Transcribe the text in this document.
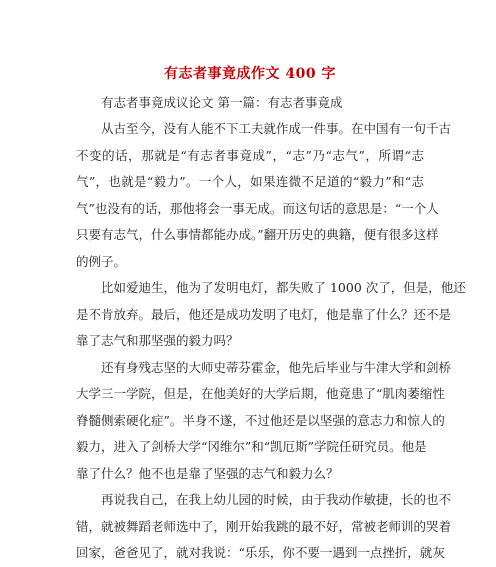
有志者事竟成作文 400 字

有志者事竟成议论文 第一篇：有志者事竟成

从古至今，没有人能不下工夫就作成一件事。在中国有一句千古
不变的话，那就是“有志者事竟成”，“志”乃“志气”，所谓“志
气”，也就是“毅力”。一个人，如果连微不足道的“毅力”和“志
气”也没有的话，那他将会一事无成。而这句话的意思是：“一个人
只要有志气，什么事情都能办成。”翻开历史的典籍，便有很多这样
的例子。
比如爱迪生，他为了发明电灯，都失败了 1000 次了，但是，他还
是不肯放弃。最后，他还是成功发明了电灯，他是靠了什么？还不是
靠了志气和那坚强的毅力吗？
还有身残志坚的大师史蒂芬霍金，他先后毕业与牛津大学和剑桥
大学三一学院，但是，在他美好的大学后期，他竟患了“肌肉萎缩性
脊髓侧索硬化症”。半身不遂，不过他还是以坚强的意志力和惊人的
毅力，进入了剑桥大学“冈维尔”和“凯厄斯”学院任研究员。他是
靠了什么？他不也是靠了坚强的志气和毅力么？
再说我自己，在我上幼儿园的时候，由于我动作敏捷，长的也不
错，就被舞蹈老师选中了，刚开始我跳的最不好，常被老师训的哭着
回家，爸爸见了，就对我说：“乐乐，你不要一遇到一点挫折，就灰
